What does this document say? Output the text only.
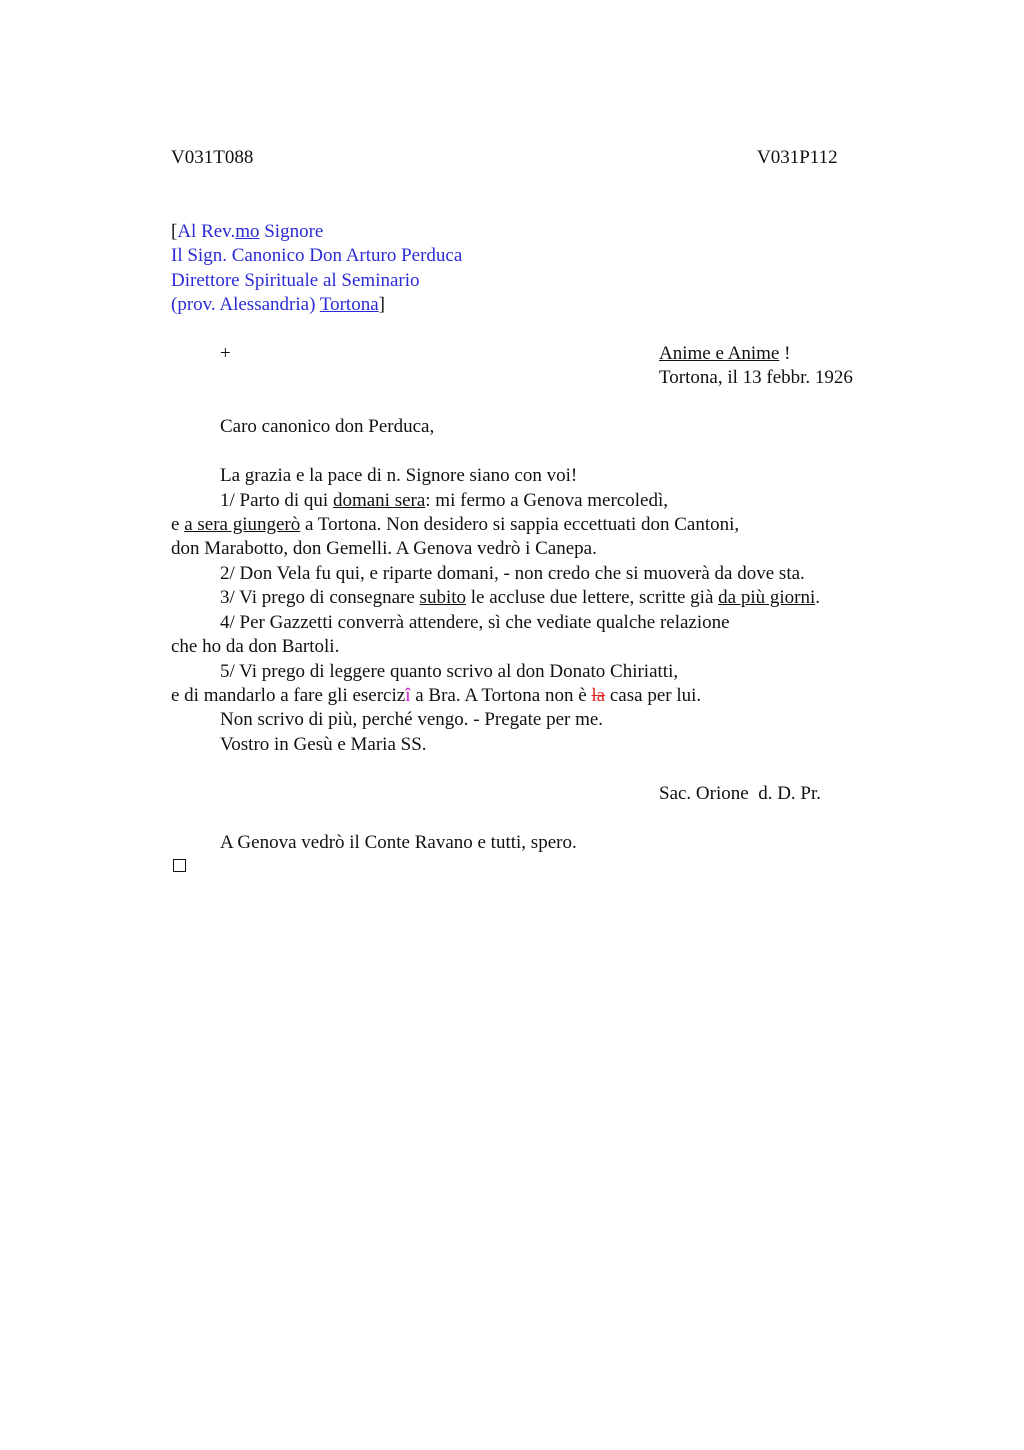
V031T088	V031P112
[Al Rev.mo Signore
Il Sign. Canonico Don Arturo Perduca
Direttore Spirituale al Seminario
(prov. Alessandria) Tortona]
+	Anime e Anime !
Tortona, il 13 febbr. 1926
Caro canonico don Perduca,
La grazia e la pace di n. Signore siano con voi!
1/ Parto di qui domani sera: mi fermo a Genova mercoledì,
e a sera giungerò a Tortona. Non desidero si sappia eccettuati don Cantoni,
don Marabotto, don Gemelli. A Genova vedrò i Canepa.
2/ Don Vela fu qui, e riparte domani, - non credo che si muoverà da dove sta.
3/ Vi prego di consegnare subito le accluse due lettere, scritte già da più giorni.
4/ Per Gazzetti converrà attendere, sì che vediate qualche relazione
che ho da don Bartoli.
5/ Vi prego di leggere quanto scrivo al don Donato Chiriatti,
e di mandarlo a fare gli esercizî a Bra. A Tortona non è la casa per lui.
Non scrivo di più, perché vengo. - Pregate per me.
Vostro in Gesù e Maria SS.
Sac. Orione  d. D. Pr.
A Genova vedrò il Conte Ravano e tutti, spero.
